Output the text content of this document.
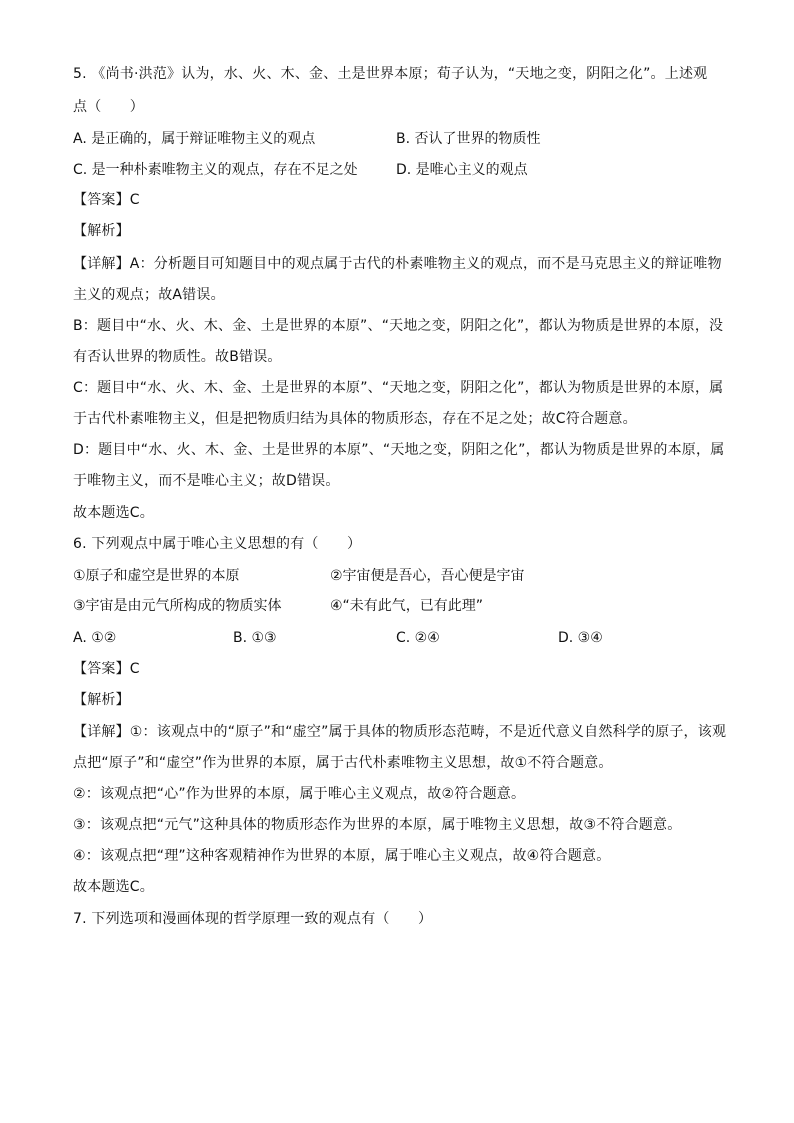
5. 《尚书·洪范》认为，水、火、木、金、土是世界本原；荀子认为，“天地之变，阴阳之化”。上述观
点（　　）
A. 是正确的，属于辩证唯物主义的观点	B. 否认了世界的物质性
C. 是一种朴素唯物主义的观点，存在不足之处	D. 是唯心主义的观点
【答案】C
【解析】
【详解】A：分析题目可知题目中的观点属于古代的朴素唯物主义的观点，而不是马克思主义的辩证唯物
主义的观点；故A错误。
B：题目中“水、火、木、金、土是世界的本原”、“天地之变，阴阳之化”，都认为物质是世界的本原，没
有否认世界的物质性。故B错误。
C：题目中“水、火、木、金、土是世界的本原”、“天地之变，阴阳之化”，都认为物质是世界的本原，属
于古代朴素唯物主义，但是把物质归结为具体的物质形态，存在不足之处；故C符合题意。
D：题目中“水、火、木、金、土是世界的本原”、“天地之变，阴阳之化”，都认为物质是世界的本原，属
于唯物主义，而不是唯心主义；故D错误。
故本题选C。
6. 下列观点中属于唯心主义思想的有（　　）
①原子和虚空是世界的本原	②宇宙便是吾心，吾心便是宇宙
③宇宙是由元气所构成的物质实体	④“未有此气，已有此理”
A. ①②	B. ①③	C. ②④	D. ③④
【答案】C
【解析】
【详解】①：该观点中的“原子”和“虚空”属于具体的物质形态范畴，不是近代意义自然科学的原子，该观
点把“原子”和“虚空”作为世界的本原，属于古代朴素唯物主义思想，故①不符合题意。
②：该观点把“心”作为世界的本原，属于唯心主义观点，故②符合题意。
③：该观点把“元气”这种具体的物质形态作为世界的本原，属于唯物主义思想，故③不符合题意。
④：该观点把“理”这种客观精神作为世界的本原，属于唯心主义观点，故④符合题意。
故本题选C。
7. 下列选项和漫画体现的哲学原理一致的观点有（　　）
